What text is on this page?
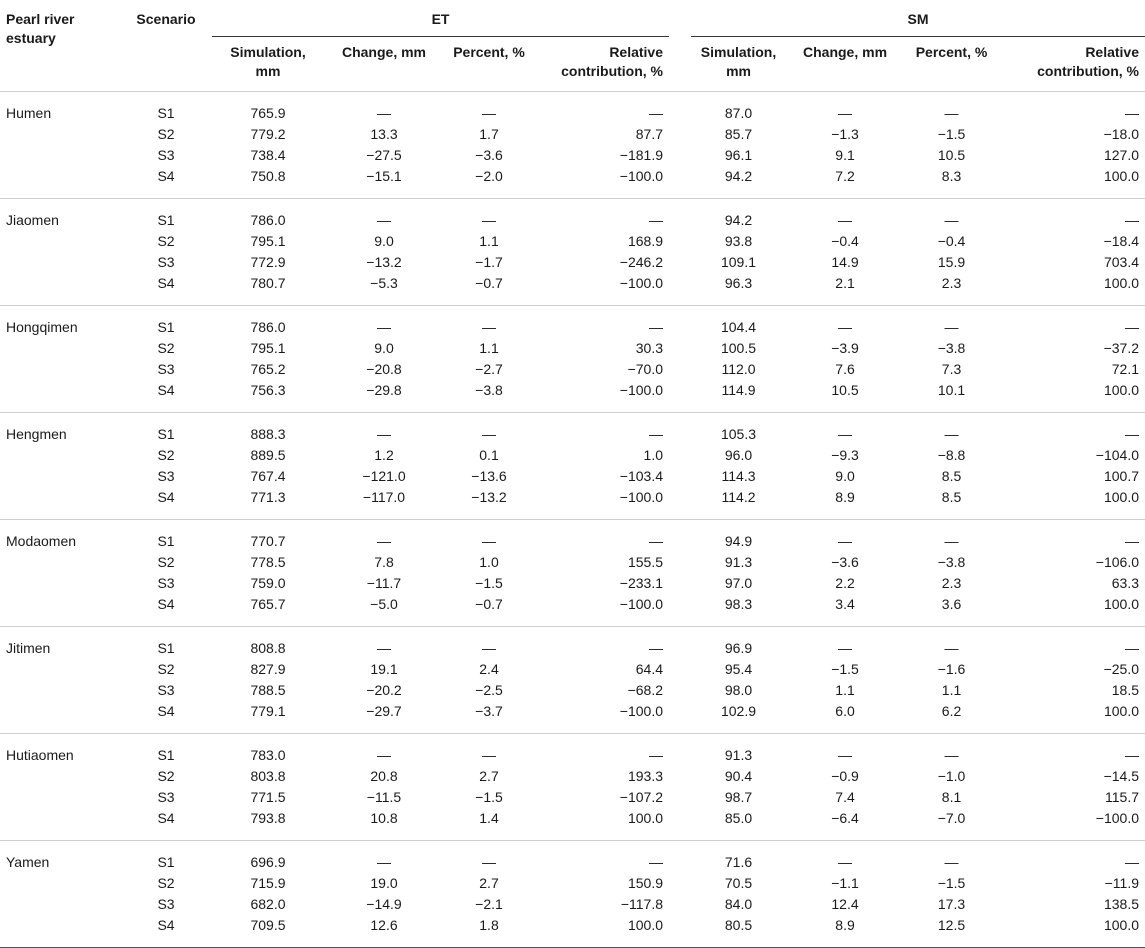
Pearl river estuary	Scenario	ET					SM			
		Simulation, mm	Change, mm	Percent, %	Relative contribution, %		Simulation, mm	Change, mm	Percent, %	Relative contribution, %
Humen	S1	765.9	—	—	—		87.0	—	—	—
	S2	779.2	13.3	1.7	87.7		85.7	−1.3	−1.5	−18.0
	S3	738.4	−27.5	−3.6	−181.9		96.1	9.1	10.5	127.0
	S4	750.8	−15.1	−2.0	−100.0		94.2	7.2	8.3	100.0
Jiaomen	S1	786.0	—	—	—		94.2	—	—	—
	S2	795.1	9.0	1.1	168.9		93.8	−0.4	−0.4	−18.4
	S3	772.9	−13.2	−1.7	−246.2		109.1	14.9	15.9	703.4
	S4	780.7	−5.3	−0.7	−100.0		96.3	2.1	2.3	100.0
Hongqimen	S1	786.0	—	—	—		104.4	—	—	—
	S2	795.1	9.0	1.1	30.3		100.5	−3.9	−3.8	−37.2
	S3	765.2	−20.8	−2.7	−70.0		112.0	7.6	7.3	72.1
	S4	756.3	−29.8	−3.8	−100.0		114.9	10.5	10.1	100.0
Hengmen	S1	888.3	—	—	—		105.3	—	—	—
	S2	889.5	1.2	0.1	1.0		96.0	−9.3	−8.8	−104.0
	S3	767.4	−121.0	−13.6	−103.4		114.3	9.0	8.5	100.7
	S4	771.3	−117.0	−13.2	−100.0		114.2	8.9	8.5	100.0
Modaomen	S1	770.7	—	—	—		94.9	—	—	—
	S2	778.5	7.8	1.0	155.5		91.3	−3.6	−3.8	−106.0
	S3	759.0	−11.7	−1.5	−233.1		97.0	2.2	2.3	63.3
	S4	765.7	−5.0	−0.7	−100.0		98.3	3.4	3.6	100.0
Jitimen	S1	808.8	—	—	—		96.9	—	—	—
	S2	827.9	19.1	2.4	64.4		95.4	−1.5	−1.6	−25.0
	S3	788.5	−20.2	−2.5	−68.2		98.0	1.1	1.1	18.5
	S4	779.1	−29.7	−3.7	−100.0		102.9	6.0	6.2	100.0
Hutiaomen	S1	783.0	—	—	—		91.3	—	—	—
	S2	803.8	20.8	2.7	193.3		90.4	−0.9	−1.0	−14.5
	S3	771.5	−11.5	−1.5	−107.2		98.7	7.4	8.1	115.7
	S4	793.8	10.8	1.4	100.0		85.0	−6.4	−7.0	−100.0
Yamen	S1	696.9	—	—	—		71.6	—	—	—
	S2	715.9	19.0	2.7	150.9		70.5	−1.1	−1.5	−11.9
	S3	682.0	−14.9	−2.1	−117.8		84.0	12.4	17.3	138.5
	S4	709.5	12.6	1.8	100.0		80.5	8.9	12.5	100.0
